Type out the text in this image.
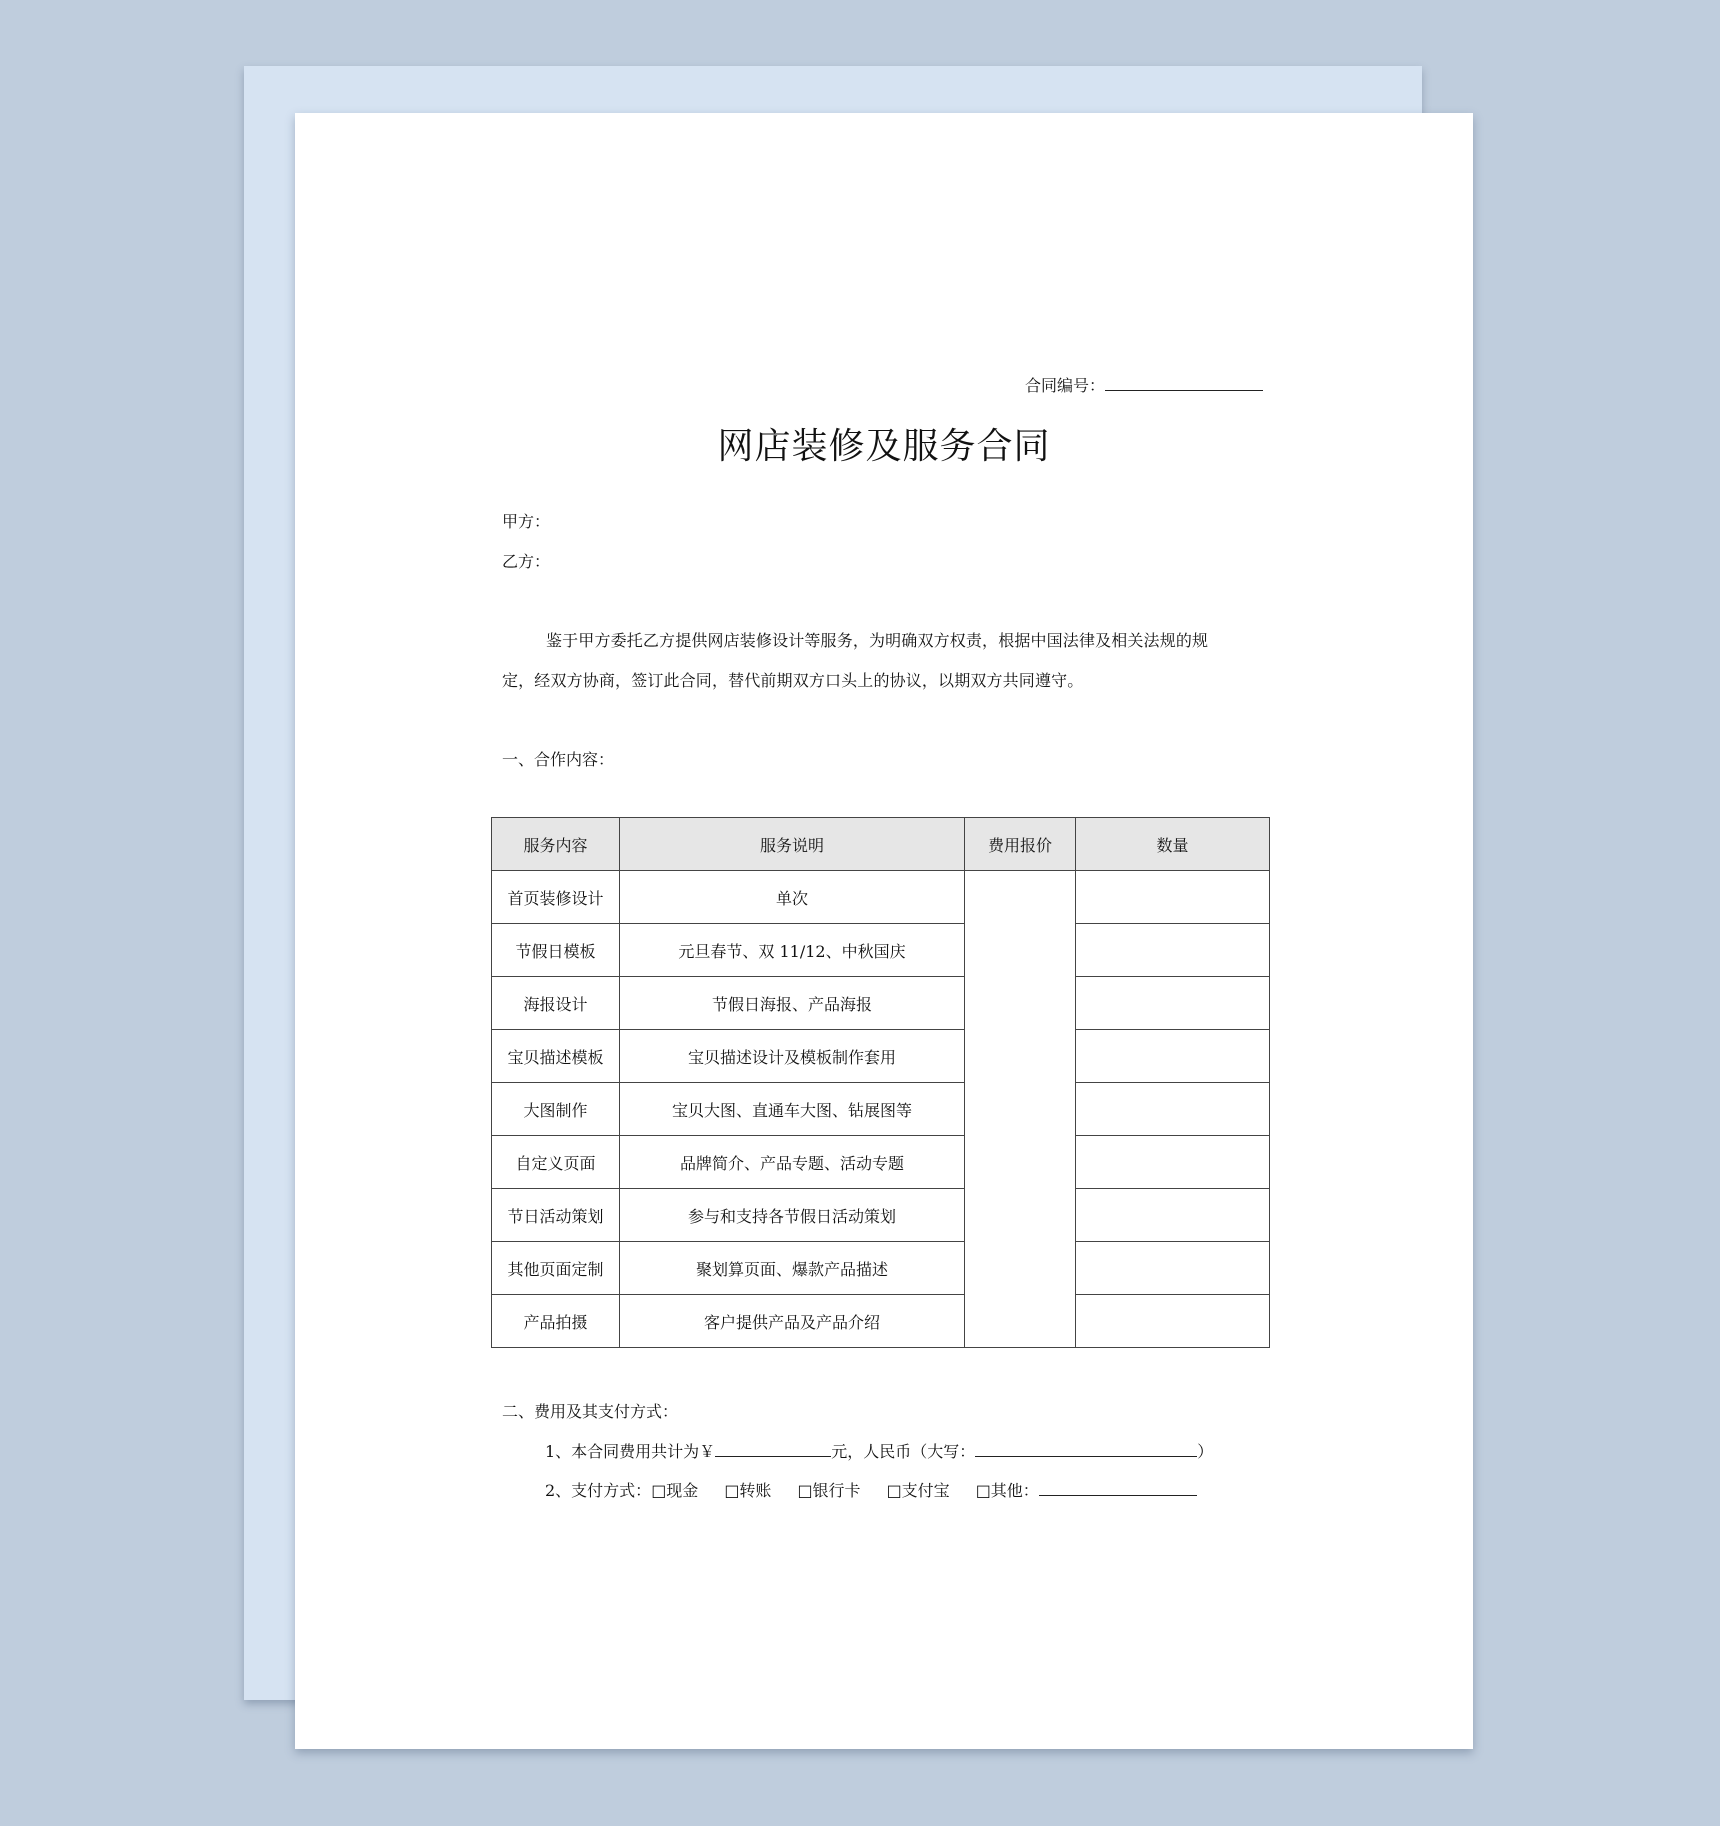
合同编号：
网店装修及服务合同
甲方：
乙方：
鉴于甲方委托乙方提供网店装修设计等服务，为明确双方权责，根据中国法律及相关法规的规
定，经双方协商，签订此合同，替代前期双方口头上的协议，以期双方共同遵守。
一、合作内容：
服务内容	服务说明	费用报价	数量
首页装修设计	单次		
节假日模板	元旦春节、双 11/12、中秋国庆		
海报设计	节假日海报、产品海报		
宝贝描述模板	宝贝描述设计及模板制作套用		
大图制作	宝贝大图、直通车大图、钻展图等		
自定义页面	品牌简介、产品专题、活动专题		
节日活动策划	参与和支持各节假日活动策划		
其他页面定制	聚划算页面、爆款产品描述		
产品拍摄	客户提供产品及产品介绍		
二、费用及其支付方式：
1、本合同费用共计为￥	元，人民币（大写：	）
2、支付方式：□现金 □转账 □银行卡 □支付宝 □其他：
